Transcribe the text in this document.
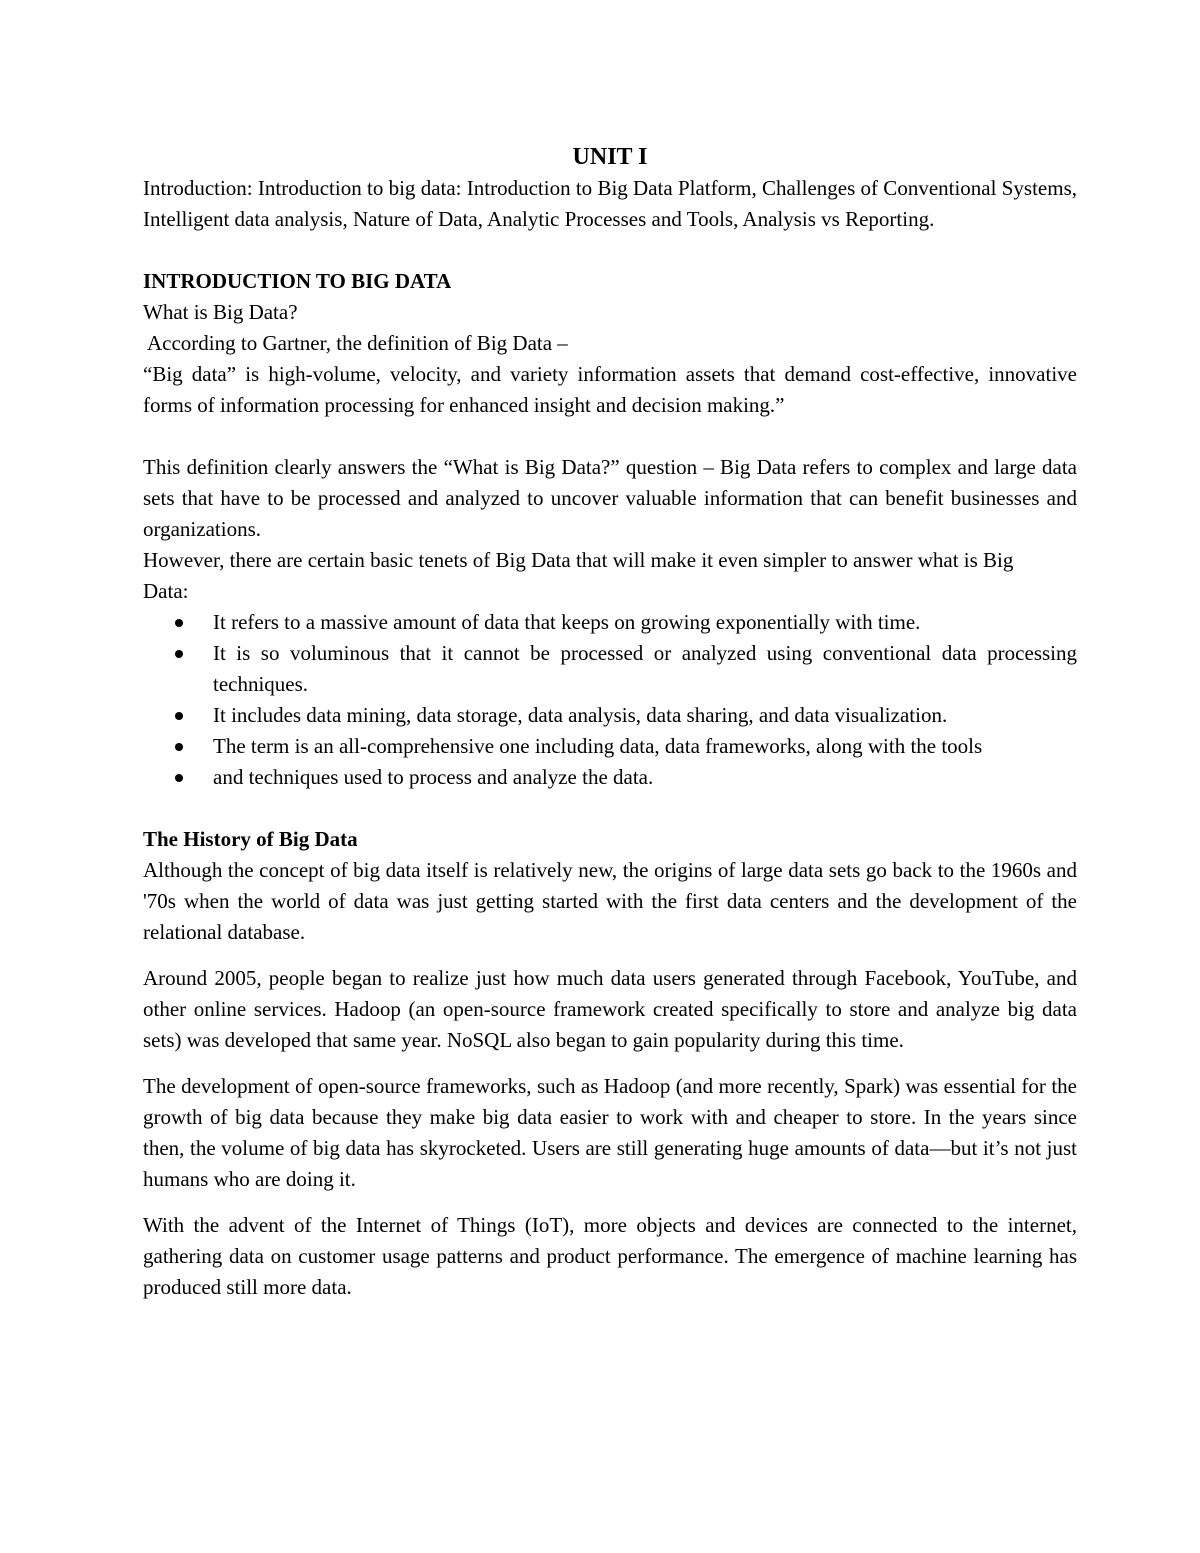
UNIT I

Introduction: Introduction to big data: Introduction to Big Data Platform, Challenges of Conventional Systems, Intelligent data analysis, Nature of Data, Analytic Processes and Tools, Analysis vs Reporting.

INTRODUCTION TO BIG DATA

What is Big Data?

According to Gartner, the definition of Big Data –

“Big data” is high-volume, velocity, and variety information assets that demand cost-effective, innovative forms of information processing for enhanced insight and decision making.”

This definition clearly answers the “What is Big Data?” question – Big Data refers to complex and large data sets that have to be processed and analyzed to uncover valuable information that can benefit businesses and organizations.

However, there are certain basic tenets of Big Data that will make it even simpler to answer what is Big Data:

It refers to a massive amount of data that keeps on growing exponentially with time.
It is so voluminous that it cannot be processed or analyzed using conventional data processing techniques.
It includes data mining, data storage, data analysis, data sharing, and data visualization.
The term is an all-comprehensive one including data, data frameworks, along with the tools
and techniques used to process and analyze the data.

The History of Big Data

Although the concept of big data itself is relatively new, the origins of large data sets go back to the 1960s and '70s when the world of data was just getting started with the first data centers and the development of the relational database.

Around 2005, people began to realize just how much data users generated through Facebook, YouTube, and other online services. Hadoop (an open-source framework created specifically to store and analyze big data sets) was developed that same year. NoSQL also began to gain popularity during this time.

The development of open-source frameworks, such as Hadoop (and more recently, Spark) was essential for the growth of big data because they make big data easier to work with and cheaper to store. In the years since then, the volume of big data has skyrocketed. Users are still generating huge amounts of data—but it’s not just humans who are doing it.

With the advent of the Internet of Things (IoT), more objects and devices are connected to the internet, gathering data on customer usage patterns and product performance. The emergence of machine learning has produced still more data.
